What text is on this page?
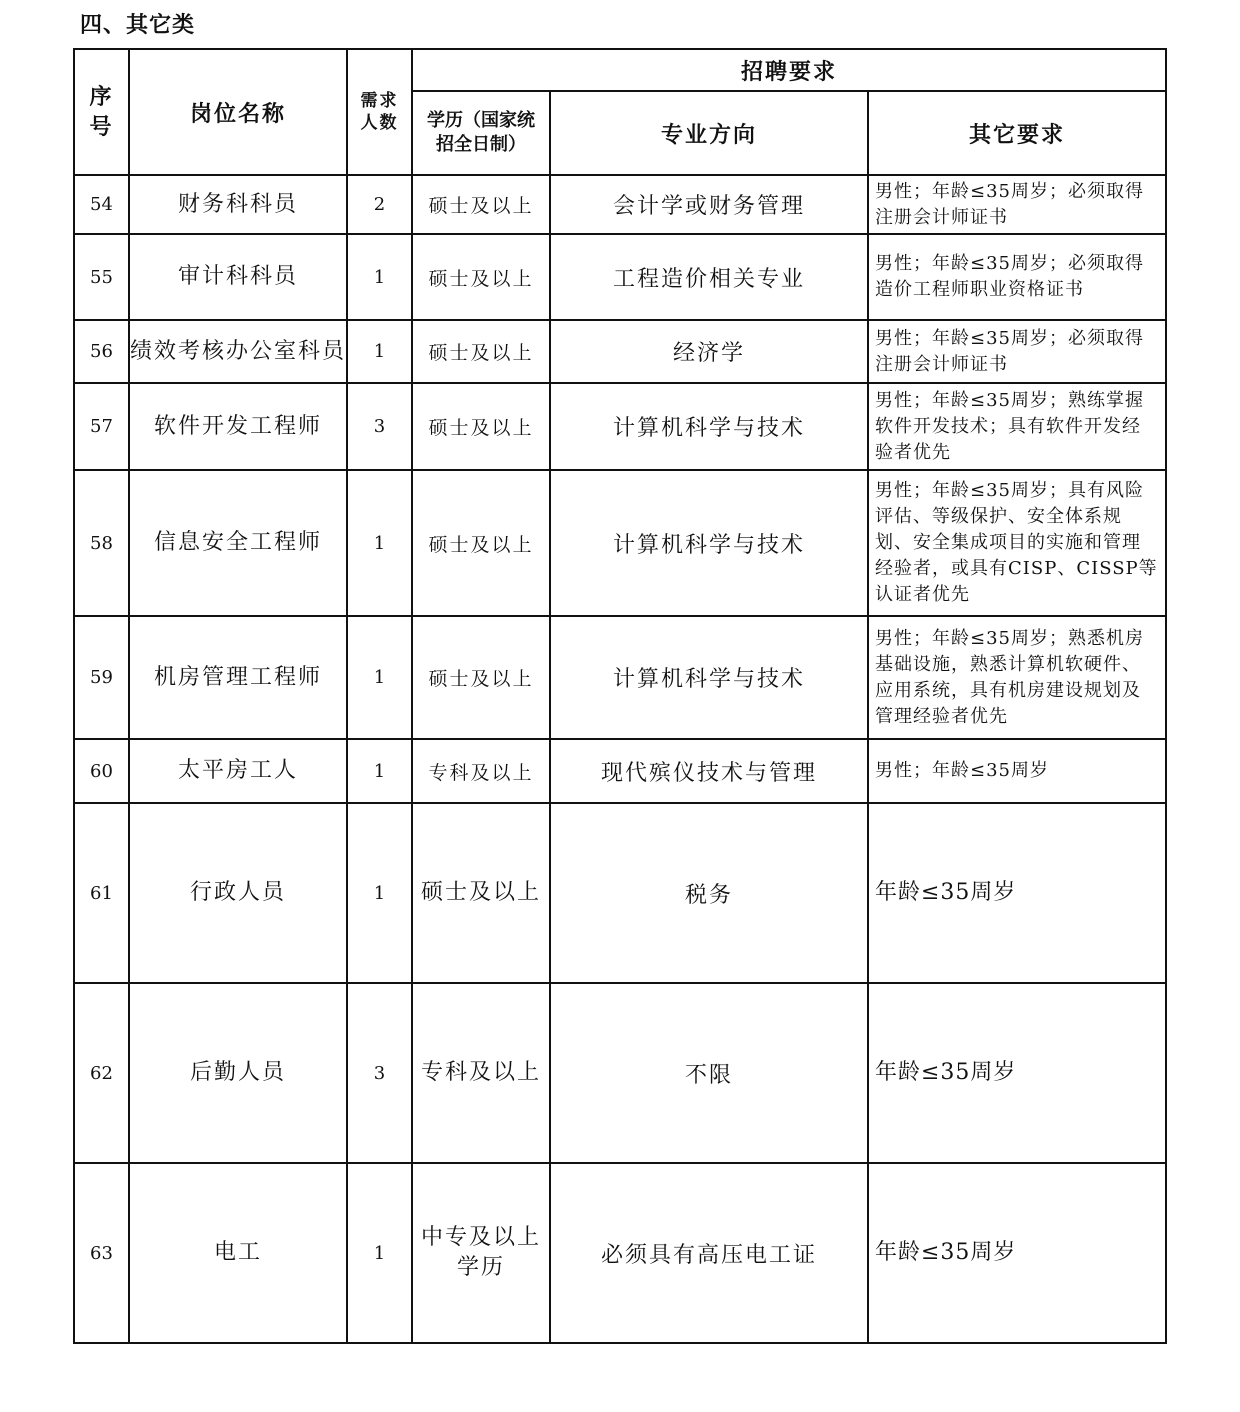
四、其它类
序号	岗位名称	需求人数	招聘要求		

			学历（国家统招全日制）	专业方向	其它要求
54	财务科科员	2	硕士及以上	会计学或财务管理	男性；年龄≤35周岁；必须取得注册会计师证书
55	审计科科员	1	硕士及以上	工程造价相关专业	男性；年龄≤35周岁；必须取得造价工程师职业资格证书
56	绩效考核办公室科员	1	硕士及以上	经济学	男性；年龄≤35周岁；必须取得注册会计师证书
57	软件开发工程师	3	硕士及以上	计算机科学与技术	男性；年龄≤35周岁；熟练掌握软件开发技术；具有软件开发经验者优先
58	信息安全工程师	1	硕士及以上	计算机科学与技术	男性；年龄≤35周岁；具有风险评估、等级保护、安全体系规划、安全集成项目的实施和管理经验者，或具有CISP、CISSP等认证者优先
59	机房管理工程师	1	硕士及以上	计算机科学与技术	男性；年龄≤35周岁；熟悉机房基础设施，熟悉计算机软硬件、应用系统，具有机房建设规划及管理经验者优先
60	太平房工人	1	专科及以上	现代殡仪技术与管理	男性；年龄≤35周岁
61	行政人员	1	硕士及以上	税务	年龄≤35周岁
62	后勤人员	3	专科及以上	不限	年龄≤35周岁
63	电工	1	中专及以上学历	必须具有高压电工证	年龄≤35周岁
